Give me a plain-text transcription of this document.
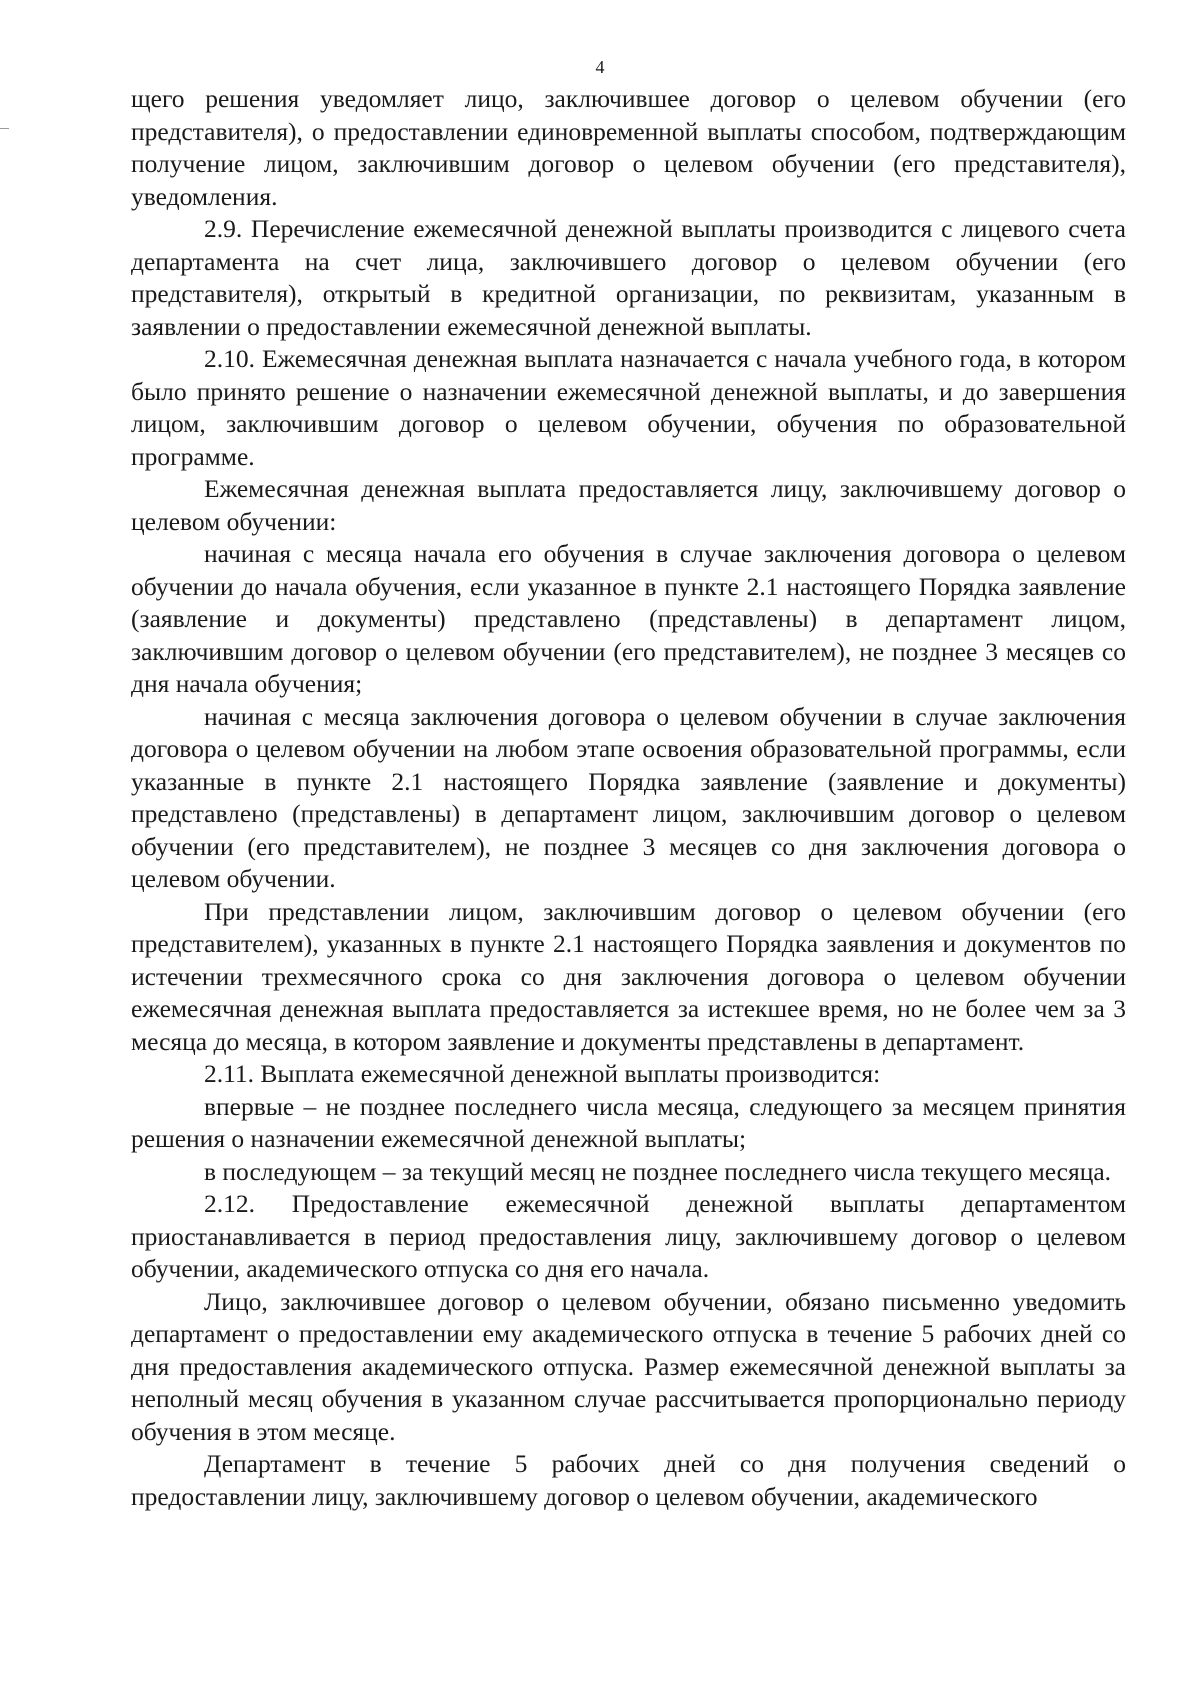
4

щего решения уведомляет лицо, заключившее договор о целевом обучении (его представителя), о предоставлении единовременной выплаты способом, подтверждающим получение лицом, заключившим договор о целевом обучении (его представителя), уведомления.

2.9. Перечисление ежемесячной денежной выплаты производится с лицевого счета департамента на счет лица, заключившего договор о целевом обучении (его представителя), открытый в кредитной организации, по реквизитам, указанным в заявлении о предоставлении ежемесячной денежной выплаты.

2.10. Ежемесячная денежная выплата назначается с начала учебного года, в котором было принято решение о назначении ежемесячной денежной выплаты, и до завершения лицом, заключившим договор о целевом обучении, обучения по образовательной программе.

Ежемесячная денежная выплата предоставляется лицу, заключившему договор о целевом обучении:

начиная с месяца начала его обучения в случае заключения договора о целевом обучении до начала обучения, если указанное в пункте 2.1 настоящего Порядка заявление (заявление и документы) представлено (представлены) в департамент лицом, заключившим договор о целевом обучении (его представителем), не позднее 3 месяцев со дня начала обучения;

начиная с месяца заключения договора о целевом обучении в случае заключения договора о целевом обучении на любом этапе освоения образовательной программы, если указанные в пункте 2.1 настоящего Порядка заявление (заявление и документы) представлено (представлены) в департамент лицом, заключившим договор о целевом обучении (его представителем), не позднее 3 месяцев со дня заключения договора о целевом обучении.

При представлении лицом, заключившим договор о целевом обучении (его представителем), указанных в пункте 2.1 настоящего Порядка заявления и документов по истечении трехмесячного срока со дня заключения договора о целевом обучении ежемесячная денежная выплата предоставляется за истекшее время, но не более чем за 3 месяца до месяца, в котором заявление и документы представлены в департамент.

2.11. Выплата ежемесячной денежной выплаты производится:

впервые – не позднее последнего числа месяца, следующего за месяцем принятия решения о назначении ежемесячной денежной выплаты;

в последующем – за текущий месяц не позднее последнего числа текущего месяца.

2.12. Предоставление ежемесячной денежной выплаты департаментом приостанавливается в период предоставления лицу, заключившему договор о целевом обучении, академического отпуска со дня его начала.

Лицо, заключившее договор о целевом обучении, обязано письменно уведомить департамент о предоставлении ему академического отпуска в течение 5 рабочих дней со дня предоставления академического отпуска. Размер ежемесячной денежной выплаты за неполный месяц обучения в указанном случае рассчитывается пропорционально периоду обучения в этом месяце.

Департамент в течение 5 рабочих дней со дня получения сведений о предоставлении лицу, заключившему договор о целевом обучении, академического
